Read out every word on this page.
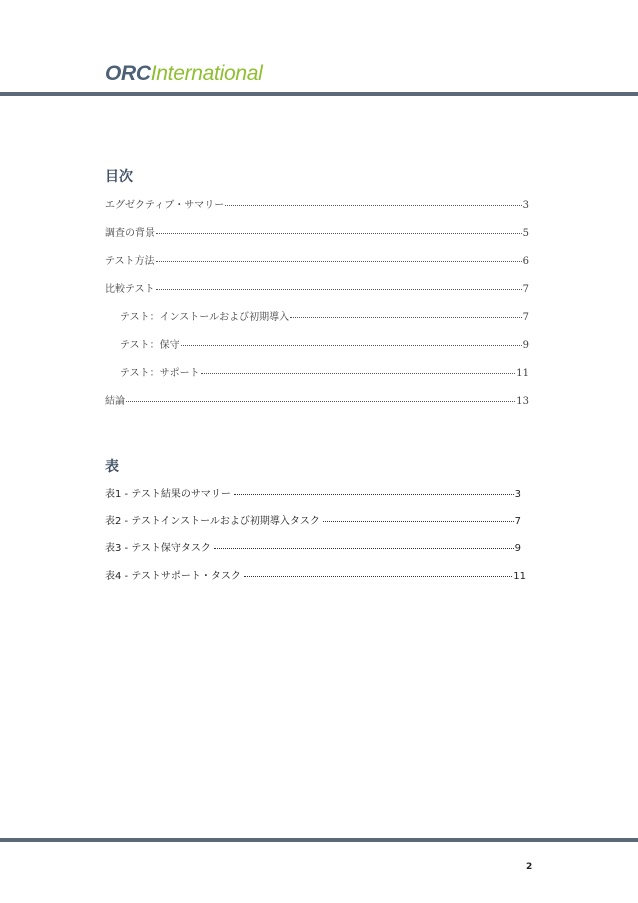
ORCInternational
目次
エグゼクティブ・サマリー	3
調査の背景	5
テスト方法	6
比較テスト	7
テスト：インストールおよび初期導入	7
テスト：保守	9
テスト：サポート	11
結論	13
表
表1 - テスト結果のサマリー	3
表2 - テストインストールおよび初期導入タスク	7
表3 - テスト保守タスク	9
表4 - テストサポート・タスク	11
2
